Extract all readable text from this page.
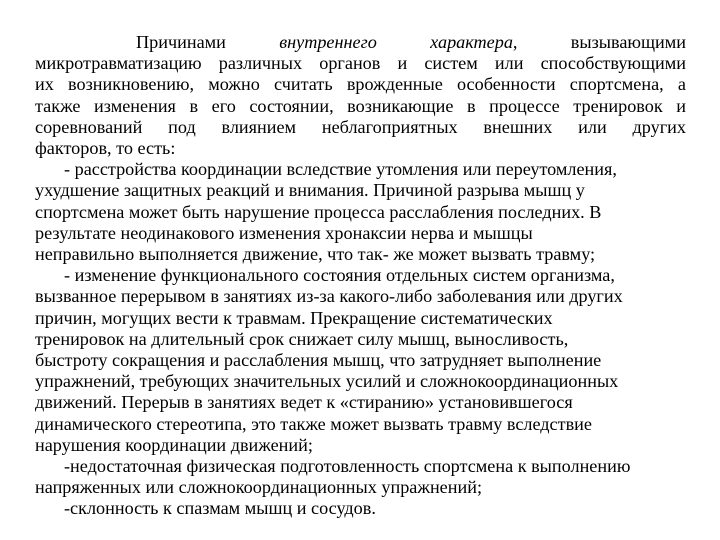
Причинами внутреннего характера, вызывающими
микротравматизацию различных органов и систем или способствующими
их возникновению, можно считать врожденные особенности спортсмена, а
также изменения в его состоянии, возникающие в процессе тренировок и
соревнований под влиянием неблагоприятных внешних или других
факторов, то есть:
- расстройства координации вследствие утомления или переутомления,
ухудшение защитных реакций и внимания. Причиной разрыва мышц у
спортсмена может быть нарушение процесса расслабления последних. В
результате неодинакового изменения хронаксии нерва и мышцы
неправильно выполняется движение, что так- же может вызвать травму;
- изменение функционального состояния отдельных систем организма,
вызванное перерывом в занятиях из-за какого-либо заболевания или других
причин, могущих вести к травмам. Прекращение систематических
тренировок на длительный срок снижает силу мышц, выносливость,
быстроту сокращения и расслабления мышц, что затрудняет выполнение
упражнений, требующих значительных усилий и сложнокоординационных
движений. Перерыв в занятиях ведет к «стиранию» установившегося
динамического стереотипа, это также может вызвать травму вследствие
нарушения координации движений;
-недостаточная физическая подготовленность спортсмена к выполнению
напряженных или сложнокоординационных упражнений;
-склонность к спазмам мышц и сосудов.
